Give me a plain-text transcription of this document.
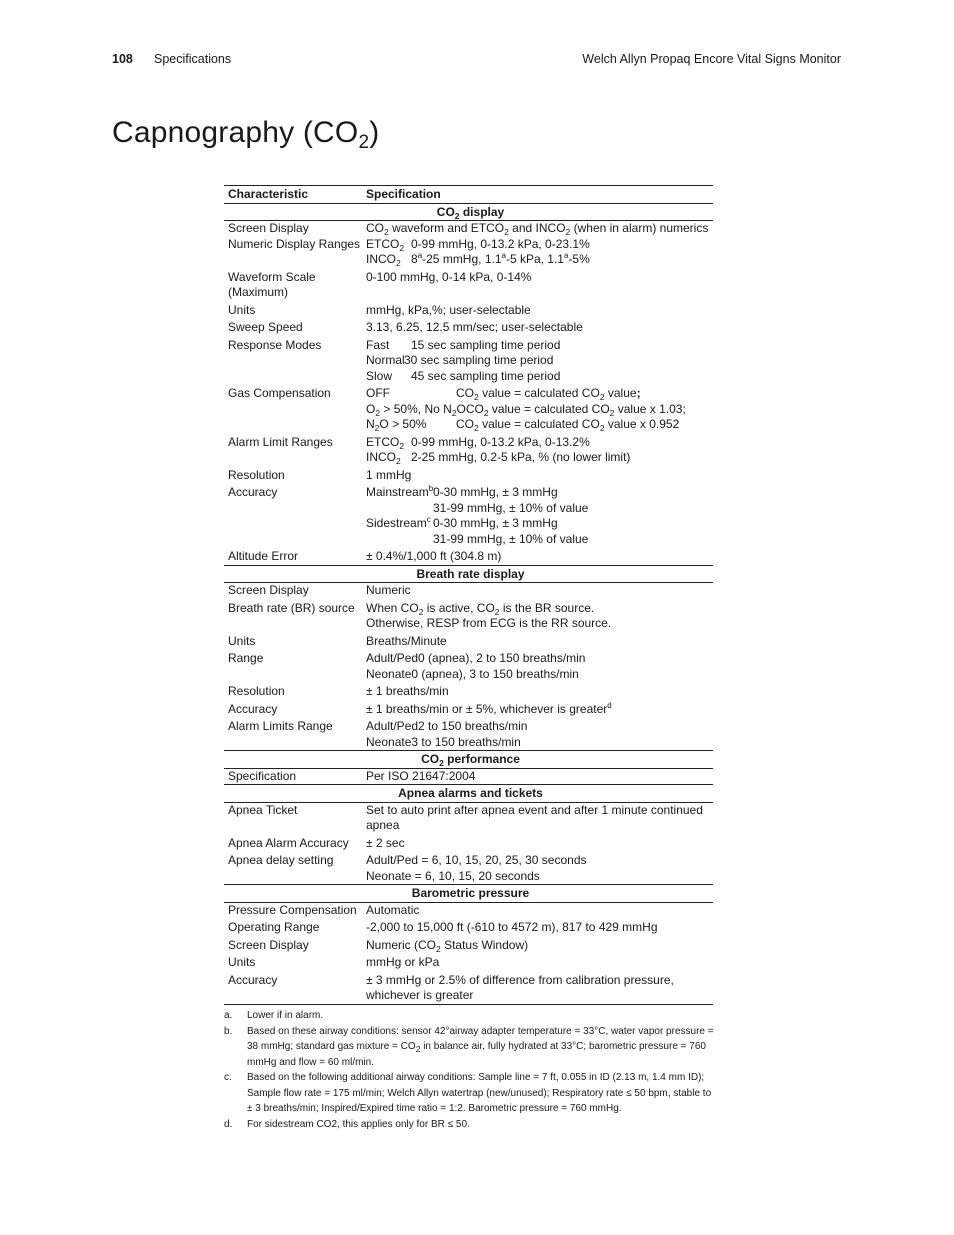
108 Specifications	Welch Allyn Propaq Encore Vital Signs Monitor
Capnography $(CO_2)$
Characteristic	Specification
$CO_2$ display	
Screen Display	$CO_2$ waveform and $ETCO_2$ and $INCO_2$ (when in alarm) numerics
Numeric Display Ranges	$ETCO_2$ 0-99 mmHg, 0-13.2 kPa, 0-23.1%
$INCO_2$ 8$^a$-25 mmHg, 1.1$^a$-5 kPa, 1.1$^a$-5%

Waveform Scale
(Maximum)	0-100 mmHg, 0-14 kPa, 0-14%
Units	mmHg, kPa,%; user-selectable
Sweep Speed	3.13, 6.25, 12.5 mm/sec; user-selectable
Response Modes	Fast 15 sec sampling time period
Normal30 sec sampling time period
Slow 45 sec sampling time period

Gas Compensation	OFF $CO_2$ value = calculated $CO_2$ value;
$O_2 > 50\%$, No $N_2OCO_2$ value = calculated $CO_2$ value x 1.03;
$N_2O > 50\%$ $CO_2$ value = calculated $CO_2$ value x 0.952

Alarm Limit Ranges	$ETCO_2$ 0-99 mmHg, 0-13.2 kPa, 0-13.2%
$INCO_2$ 2-25 mmHg, 0.2-5 kPa, % (no lower limit)

Resolution	1 mmHg
Accuracy	Mainstream$^b$0-30 mmHg, ± 3 mmHg
31-99 mmHg, ± 10% of value
Sidestream$^c$ 0-30 mmHg, ± 3 mmHg
31-99 mmHg, ± 10% of value

Altitude Error	± 0.4%/1,000 ft (304.8 m)
Breath rate display	
Screen Display	Numeric
Breath rate (BR) source	When $CO_2$ is active, $CO_2$ is the BR source.
Otherwise, RESP from ECG is the RR source.

Units	Breaths/Minute
Range	Adult/Ped0 (apnea), 2 to 150 breaths/min
Neonate0 (apnea), 3 to 150 breaths/min

Resolution	± 1 breaths/min
Accuracy	± 1 breaths/min or ± 5%, whichever is greater$^d$
Alarm Limits Range	Adult/Ped2 to 150 breaths/min
Neonate3 to 150 breaths/min

$CO_2$ performance	
Specification	Per ISO 21647:2004
Apnea alarms and tickets	
Apnea Ticket	Set to auto print after apnea event and after 1 minute continued
apnea

Apnea Alarm Accuracy	± 2 sec
Apnea delay setting	Adult/Ped = 6, 10, 15, 20, 25, 30 seconds
Neonate = 6, 10, 15, 20 seconds

Barometric pressure	
Pressure Compensation	Automatic
Operating Range	-2,000 to 15,000 ft (-610 to 4572 m), 817 to 429 mmHg
Screen Display	Numeric ($CO_2$ Status Window)
Units	mmHg or kPa
Accuracy	± 3 mmHg or 2.5% of difference from calibration pressure,
whichever is greater
a.	Lower if in alarm.
b.	Based on these airway conditions: sensor 42°airway adapter temperature = 33°C, water vapor pressure = 38 mmHg; standard gas mixture = $CO_2$ in balance air, fully hydrated at 33°C; barometric pressure = 760 mmHg and flow = 60 ml/min.
c.	Based on the following additional airway conditions: Sample line = 7 ft, 0.055 in ID (2.13 m, 1.4 mm ID); Sample flow rate = 175 ml/min; Welch Allyn watertrap (new/unused); Respiratory rate ≤ 50 bpm, stable to ± 3 breaths/min; Inspired/Expired time ratio = 1:2. Barometric pressure = 760 mmHg.
d.	For sidestream CO2, this applies only for BR ≤ 50.
